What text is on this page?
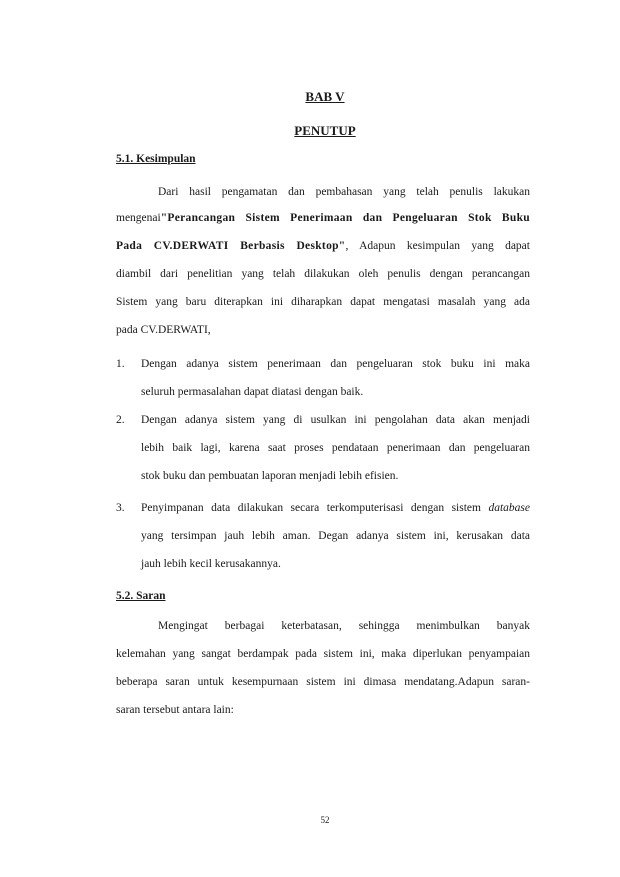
BAB V
PENUTUP
5.1. Kesimpulan
Dari hasil pengamatan dan pembahasan yang telah penulis lakukan
mengenai"Perancangan Sistem Penerimaan dan Pengeluaran Stok Buku
Pada CV.DERWATI Berbasis Desktop", Adapun kesimpulan yang dapat
diambil dari penelitian yang telah dilakukan oleh penulis dengan perancangan
Sistem yang baru diterapkan ini diharapkan dapat mengatasi masalah yang ada
pada CV.DERWATI,
1. Dengan adanya sistem penerimaan dan pengeluaran stok buku ini maka
seluruh permasalahan dapat diatasi dengan baik.
2. Dengan adanya sistem yang di usulkan ini pengolahan data akan menjadi
lebih baik lagi, karena saat proses pendataan penerimaan dan pengeluaran
stok buku dan pembuatan laporan menjadi lebih efisien.
3. Penyimpanan data dilakukan secara terkomputerisasi dengan sistem database
yang tersimpan jauh lebih aman. Degan adanya sistem ini, kerusakan data
jauh lebih kecil kerusakannya.
5.2. Saran
Mengingat berbagai keterbatasan, sehingga menimbulkan banyak
kelemahan yang sangat berdampak pada sistem ini, maka diperlukan penyampaian
beberapa saran untuk kesempurnaan sistem ini dimasa mendatang.Adapun saran-
saran tersebut antara lain:
52
